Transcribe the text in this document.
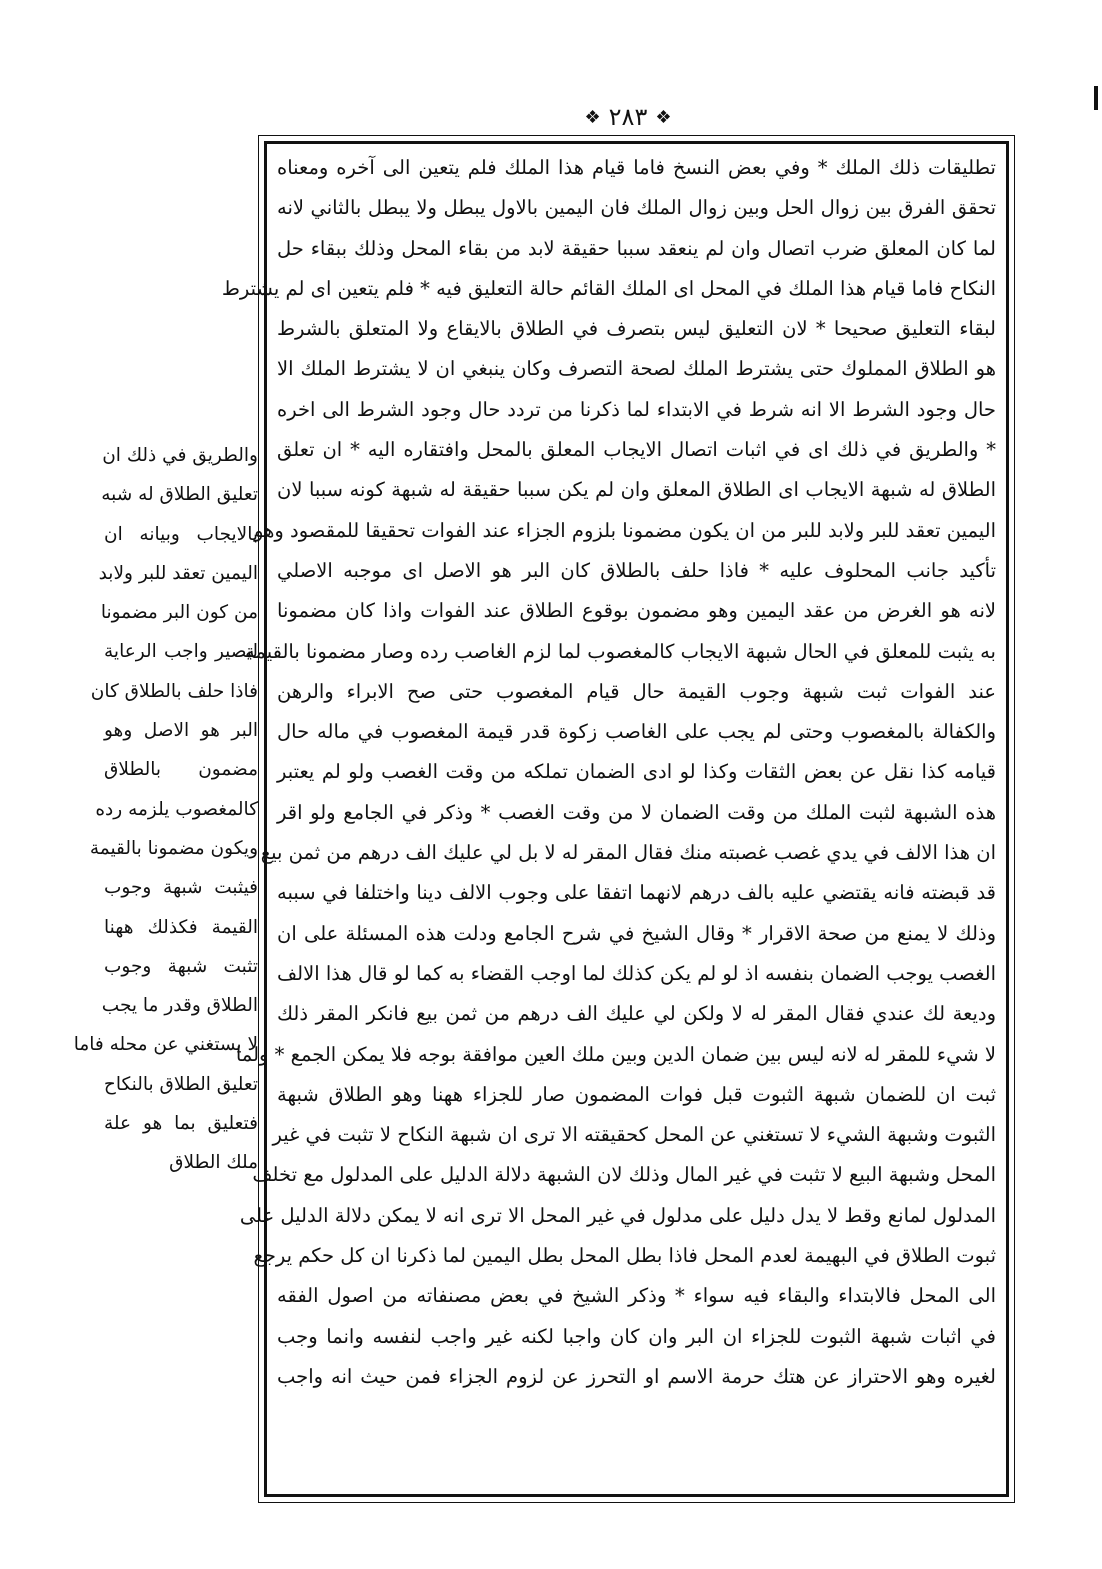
❖ ٢٨٣ ❖
تطليقات ذلك الملك * وفي بعض النسخ فاما قيام هذا الملك فلم يتعين الى آخره ومعناه
تحقق الفرق بين زوال الحل وبين زوال الملك فان اليمين بالاول يبطل ولا يبطل بالثاني لانه
لما كان المعلق ضرب اتصال وان لم ينعقد سببا حقيقة لابد من بقاء المحل وذلك ببقاء حل
النكاح فاما قيام هذا الملك في المحل اى الملك القائم حالة التعليق فيه * فلم يتعين اى لم يشترط
لبقاء التعليق صحيحا * لان التعليق ليس بتصرف في الطلاق بالايقاع ولا المتعلق بالشرط
هو الطلاق المملوك حتى يشترط الملك لصحة التصرف وكان ينبغي ان لا يشترط الملك الا
حال وجود الشرط الا انه شرط في الابتداء لما ذكرنا من تردد حال وجود الشرط الى اخره
* والطريق في ذلك اى في اثبات اتصال الايجاب المعلق بالمحل وافتقاره اليه * ان تعلق
الطلاق له شبهة الايجاب اى الطلاق المعلق وان لم يكن سببا حقيقة له شبهة كونه سببا لان
اليمين تعقد للبر ولابد للبر من ان يكون مضمونا بلزوم الجزاء عند الفوات تحقيقا للمقصود وهو
تأكيد جانب المحلوف عليه * فاذا حلف بالطلاق كان البر هو الاصل اى موجبه الاصلي
لانه هو الغرض من عقد اليمين وهو مضمون بوقوع الطلاق عند الفوات واذا كان مضمونا
به يثبت للمعلق في الحال شبهة الايجاب كالمغصوب لما لزم الغاصب رده وصار مضمونا بالقيمة
عند الفوات ثبت شبهة وجوب القيمة حال قيام المغصوب حتى صح الابراء والرهن
والكفالة بالمغصوب وحتى لم يجب على الغاصب زكوة قدر قيمة المغصوب في ماله حال
قيامه كذا نقل عن بعض الثقات وكذا لو ادى الضمان تملكه من وقت الغصب ولو لم يعتبر
هذه الشبهة لثبت الملك من وقت الضمان لا من وقت الغصب * وذكر في الجامع ولو اقر
ان هذا الالف في يدي غصب غصبته منك فقال المقر له لا بل لي عليك الف درهم من ثمن بيع
قد قبضته فانه يقتضي عليه بالف درهم لانهما اتفقا على وجوب الالف دينا واختلفا في سببه
وذلك لا يمنع من صحة الاقرار * وقال الشيخ في شرح الجامع ودلت هذه المسئلة على ان
الغصب يوجب الضمان بنفسه اذ لو لم يكن كذلك لما اوجب القضاء به كما لو قال هذا الالف
وديعة لك عندي فقال المقر له لا ولكن لي عليك الف درهم من ثمن بيع فانكر المقر ذلك
لا شيء للمقر له لانه ليس بين ضمان الدين وبين ملك العين موافقة بوجه فلا يمكن الجمع * ولما
ثبت ان للضمان شبهة الثبوت قبل فوات المضمون صار للجزاء ههنا وهو الطلاق شبهة
الثبوت وشبهة الشيء لا تستغني عن المحل كحقيقته الا ترى ان شبهة النكاح لا تثبت في غير
المحل وشبهة البيع لا تثبت في غير المال وذلك لان الشبهة دلالة الدليل على المدلول مع تخلف
المدلول لمانع وقط لا يدل دليل على مدلول في غير المحل الا ترى انه لا يمكن دلالة الدليل على
ثبوت الطلاق في البهيمة لعدم المحل فاذا بطل المحل بطل اليمين لما ذكرنا ان كل حكم يرجع
الى المحل فالابتداء والبقاء فيه سواء * وذكر الشيخ في بعض مصنفاته من اصول الفقه
في اثبات شبهة الثبوت للجزاء ان البر وان كان واجبا لكنه غير واجب لنفسه وانما وجب
لغيره وهو الاحتراز عن هتك حرمة الاسم او التحرز عن لزوم الجزاء فمن حيث انه واجب
والطريق في ذلك ان
تعليق الطلاق له شبه
بالايجاب وبيانه ان
اليمين تعقد للبر ولابد
من كون البر مضمونا
ليصير واجب الرعاية
فاذا حلف بالطلاق كان
البر هو الاصل وهو
مضمون بالطلاق
كالمغصوب يلزمه رده
ويكون مضمونا بالقيمة
فيثبت شبهة وجوب
القيمة فكذلك ههنا
تثبت شبهة وجوب
الطلاق وقدر ما يجب
لا يستغني عن محله فاما
تعليق الطلاق بالنكاح
فتعليق بما هو علة
ملك الطلاق
